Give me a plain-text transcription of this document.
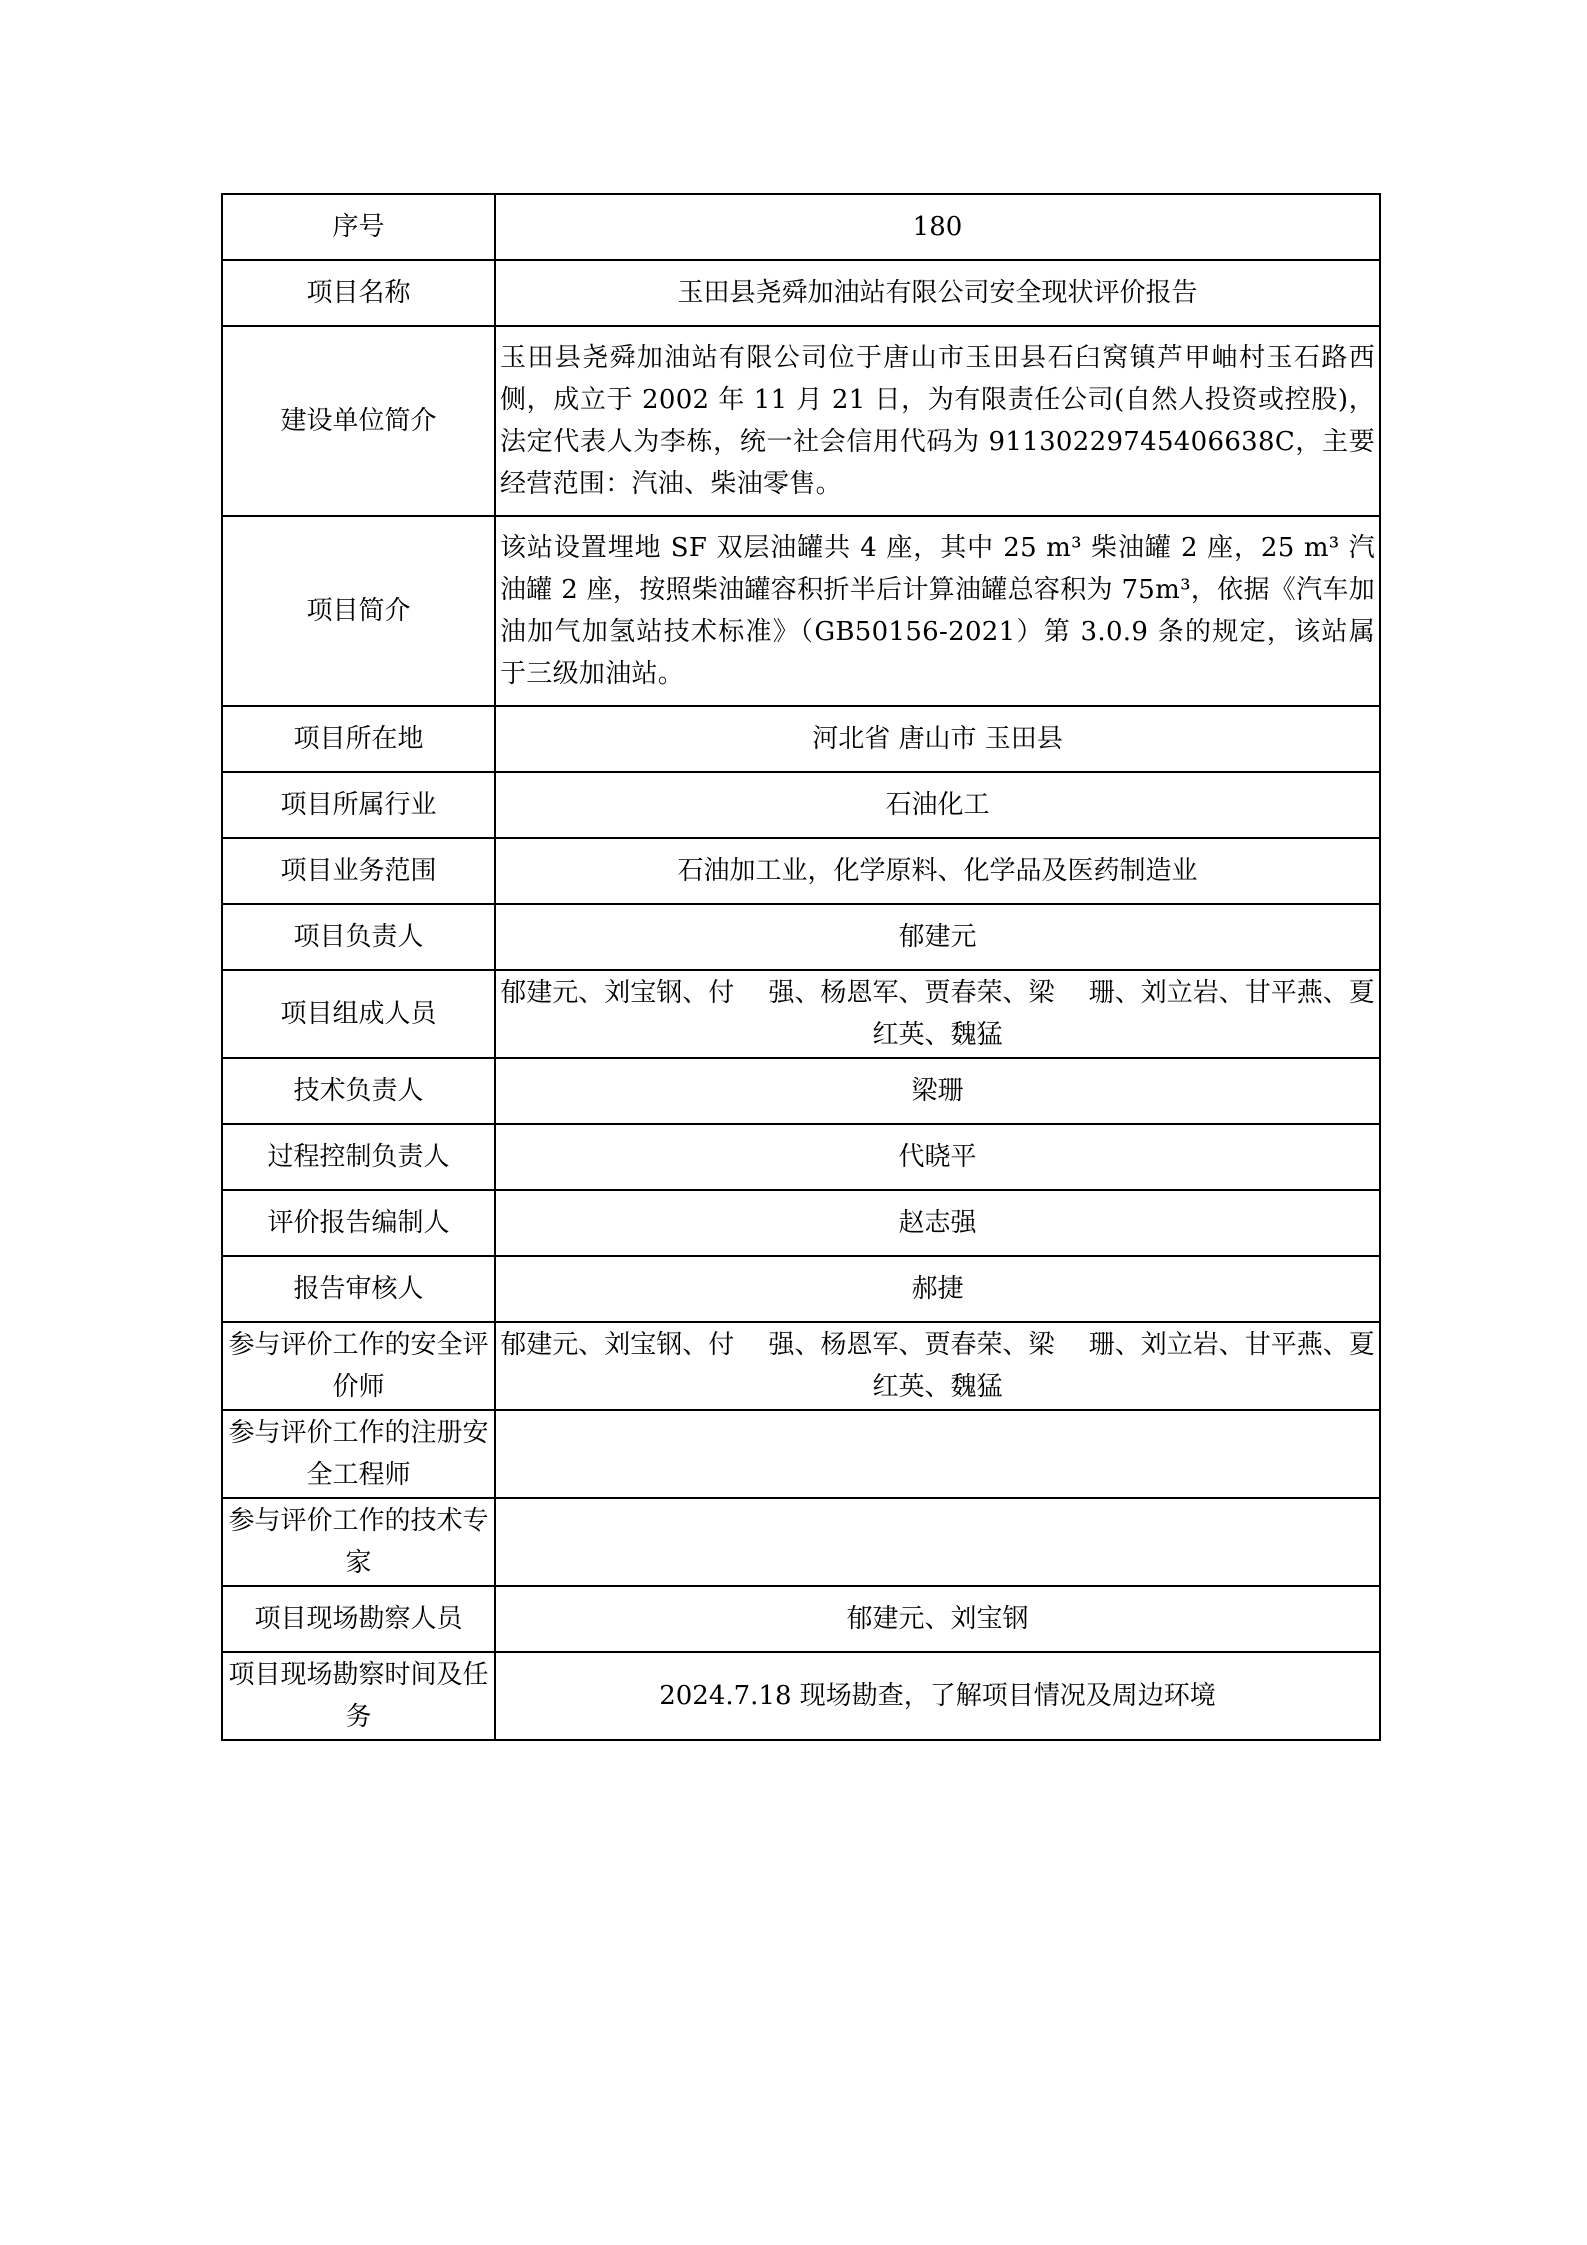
序号	180
项目名称	玉田县尧舜加油站有限公司安全现状评价报告
建设单位简介	玉田县尧舜加油站有限公司位于唐山市玉田县石臼窝镇芦甲岫村玉石路西侧，成立于 2002 年 11 月 21 日，为有限责任公司(自然人投资或控股)，法定代表人为李栋，统一社会信用代码为 91130229745406638C，主要经营范围：汽油、柴油零售。
项目简介	该站设置埋地 SF 双层油罐共 4 座，其中 25 m³ 柴油罐 2 座，25 m³ 汽油罐 2 座，按照柴油罐容积折半后计算油罐总容积为 75m³，依据《汽车加油加气加氢站技术标准》（GB50156-2021）第 3.0.9 条的规定，该站属于三级加油站。
项目所在地	河北省 唐山市 玉田县
项目所属行业	石油化工
项目业务范围	石油加工业，化学原料、化学品及医药制造业
项目负责人	郁建元
项目组成人员	郁建元、刘宝钢、付　 强、杨恩军、贾春荣、梁　 珊、刘立岩、甘平燕、夏红英、魏猛
技术负责人	梁珊
过程控制负责人	代晓平
评价报告编制人	赵志强
报告审核人	郝捷
参与评价工作的安全评价师	郁建元、刘宝钢、付　 强、杨恩军、贾春荣、梁　 珊、刘立岩、甘平燕、夏红英、魏猛
参与评价工作的注册安全工程师	
参与评价工作的技术专家	
项目现场勘察人员	郁建元、刘宝钢
项目现场勘察时间及任务	2024.7.18 现场勘查，了解项目情况及周边环境
